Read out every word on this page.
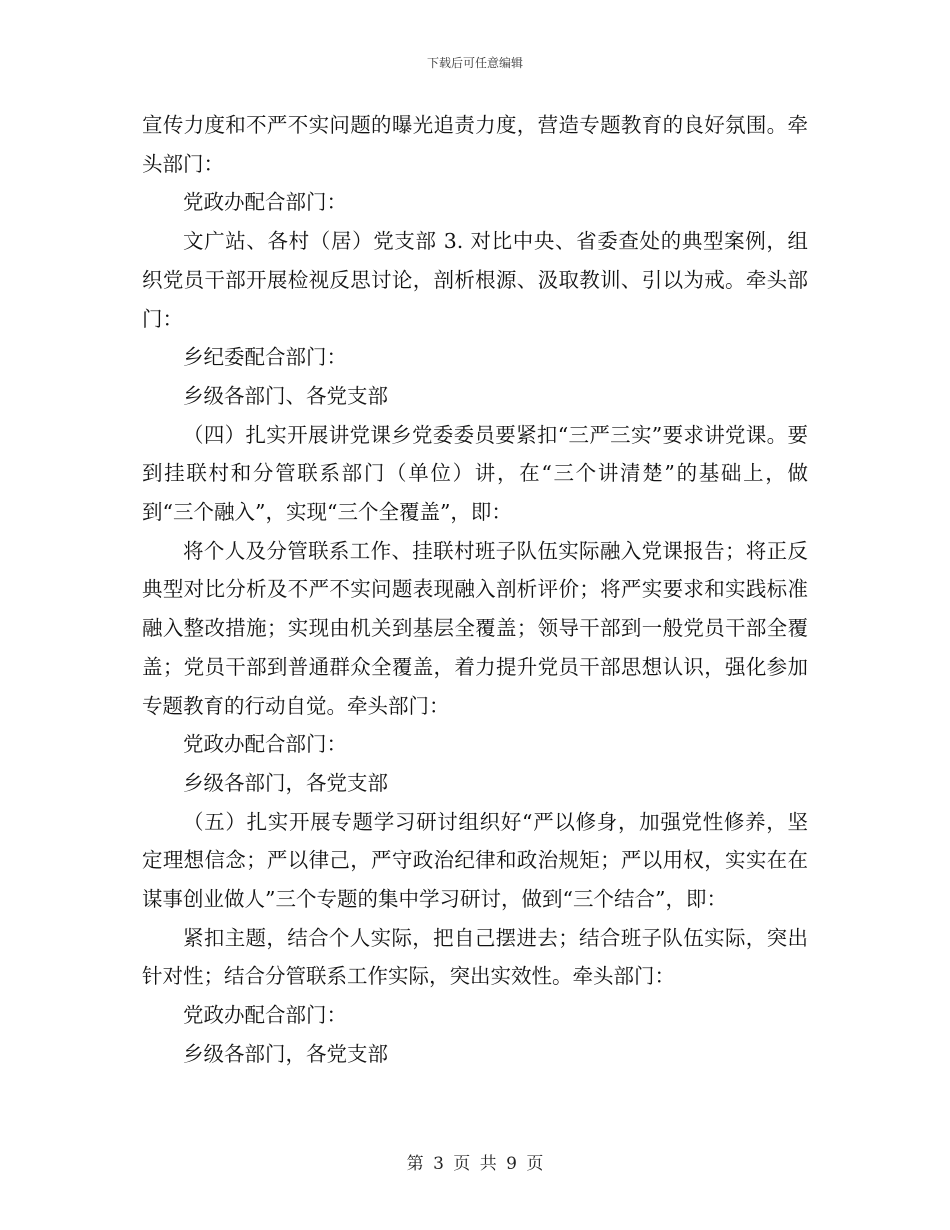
下载后可任意编辑

宣传力度和不严不实问题的曝光追责力度，营造专题教育的良好氛围。牵头部门：

党政办配合部门：

文广站、各村（居）党支部 3. 对比中央、省委查处的典型案例，组织党员干部开展检视反思讨论，剖析根源、汲取教训、引以为戒。牵头部门：

乡纪委配合部门：

乡级各部门、各党支部

（四）扎实开展讲党课乡党委委员要紧扣“三严三实”要求讲党课。要到挂联村和分管联系部门（单位）讲，在“三个讲清楚”的基础上，做到“三个融入”，实现“三个全覆盖”，即：

将个人及分管联系工作、挂联村班子队伍实际融入党课报告；将正反典型对比分析及不严不实问题表现融入剖析评价；将严实要求和实践标准融入整改措施；实现由机关到基层全覆盖；领导干部到一般党员干部全覆盖；党员干部到普通群众全覆盖，着力提升党员干部思想认识，强化参加专题教育的行动自觉。牵头部门：

党政办配合部门：

乡级各部门，各党支部

（五）扎实开展专题学习研讨组织好“严以修身，加强党性修养，坚定理想信念；严以律己，严守政治纪律和政治规矩；严以用权，实实在在谋事创业做人”三个专题的集中学习研讨，做到“三个结合”，即：

紧扣主题，结合个人实际，把自己摆进去；结合班子队伍实际，突出针对性；结合分管联系工作实际，突出实效性。牵头部门：

党政办配合部门：

乡级各部门，各党支部

第 3 页 共 9 页
